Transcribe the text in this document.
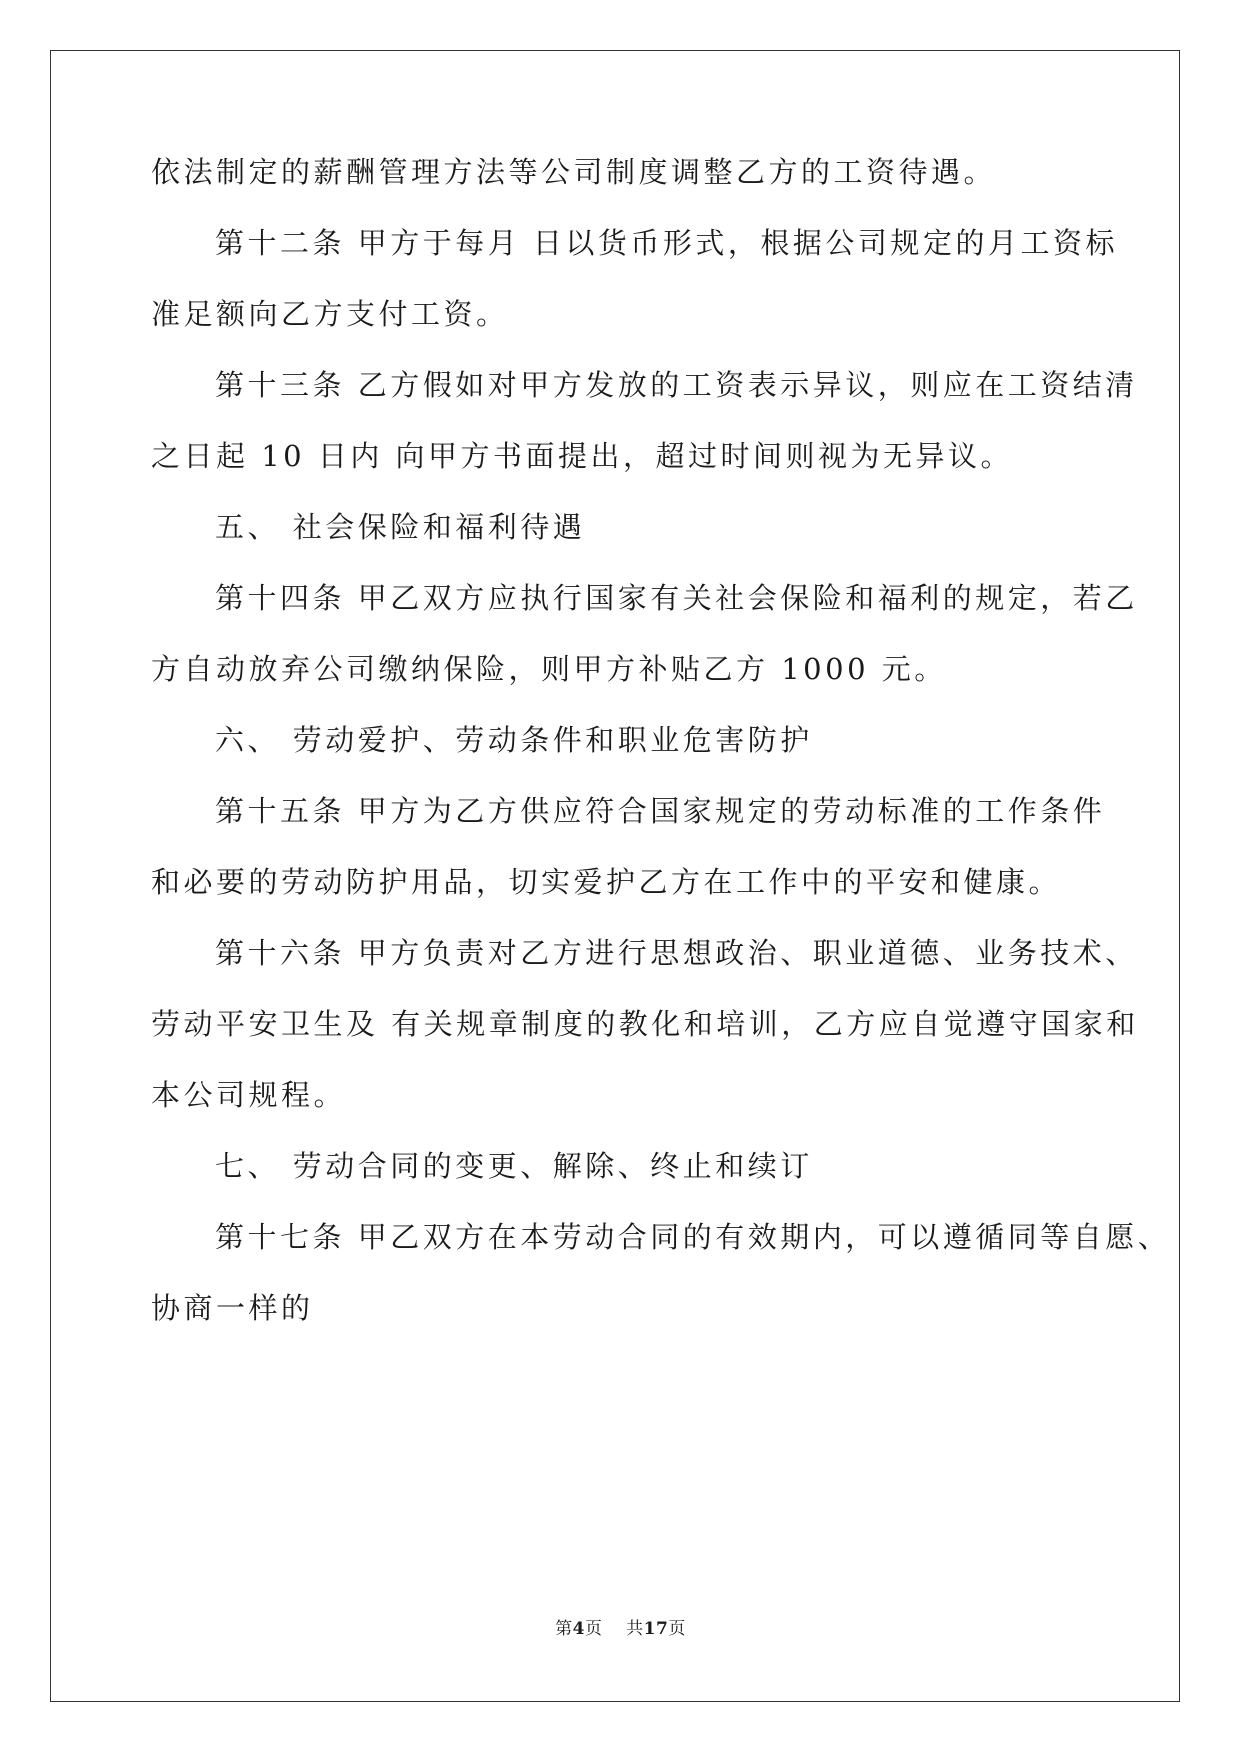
依法制定的薪酬管理方法等公司制度调整乙方的工资待遇。
第十二条 甲方于每月 日以货币形式，根据公司规定的月工资标
准足额向乙方支付工资。
第十三条 乙方假如对甲方发放的工资表示异议，则应在工资结清
之日起 10 日内 向甲方书面提出，超过时间则视为无异议。
五、 社会保险和福利待遇
第十四条 甲乙双方应执行国家有关社会保险和福利的规定，若乙
方自动放弃公司缴纳保险，则甲方补贴乙方 1000 元。
六、 劳动爱护、劳动条件和职业危害防护
第十五条 甲方为乙方供应符合国家规定的劳动标准的工作条件
和必要的劳动防护用品，切实爱护乙方在工作中的平安和健康。
第十六条 甲方负责对乙方进行思想政治、职业道德、业务技术、
劳动平安卫生及 有关规章制度的教化和培训，乙方应自觉遵守国家和
本公司规程。
七、 劳动合同的变更、解除、终止和续订
第十七条 甲乙双方在本劳动合同的有效期内，可以遵循同等自愿、
协商一样的
第4页    共17页
